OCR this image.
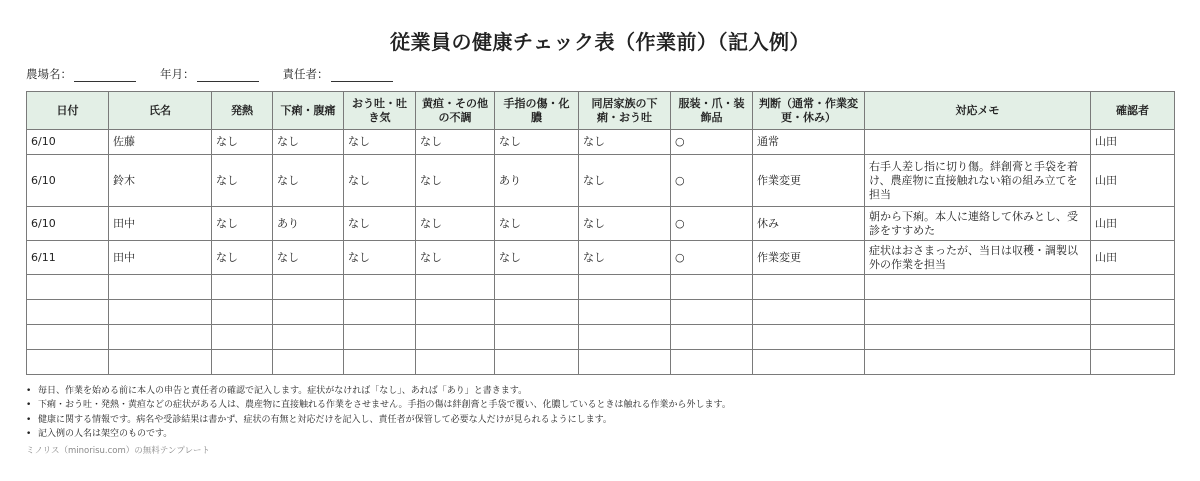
従業員の健康チェック表（作業前）（記入例）
農場名：	年月：	責任者：
日付	氏名	発熱	下痢・腹痛	おう吐・吐き気	黄疸・その他の不調	手指の傷・化膿	同居家族の下痢・おう吐	服装・爪・装飾品	判断（通常・作業変更・休み）	対応メモ	確認者
6/10	佐藤	なし	なし	なし	なし	なし	なし	○	通常		山田
6/10	鈴木	なし	なし	なし	なし	あり	なし	○	作業変更	右手人差し指に切り傷。絆創膏と手袋を着け、農産物に直接触れない箱の組み立てを担当	山田
6/10	田中	なし	あり	なし	なし	なし	なし	○	休み	朝から下痢。本人に連絡して休みとし、受診をすすめた	山田
6/11	田中	なし	なし	なし	なし	なし	なし	○	作業変更	症状はおさまったが、当日は収穫・調製以外の作業を担当	山田

• 毎日、作業を始める前に本人の申告と責任者の確認で記入します。症状がなければ「なし」、あれば「あり」と書きます。
• 下痢・おう吐・発熱・黄疸などの症状がある人は、農産物に直接触れる作業をさせません。手指の傷は絆創膏と手袋で覆い、化膿しているときは触れる作業から外します。
• 健康に関する情報です。病名や受診結果は書かず、症状の有無と対応だけを記入し、責任者が保管して必要な人だけが見られるようにします。
• 記入例の人名は架空のものです。
ミノリス（minorisu.com）の無料テンプレート
